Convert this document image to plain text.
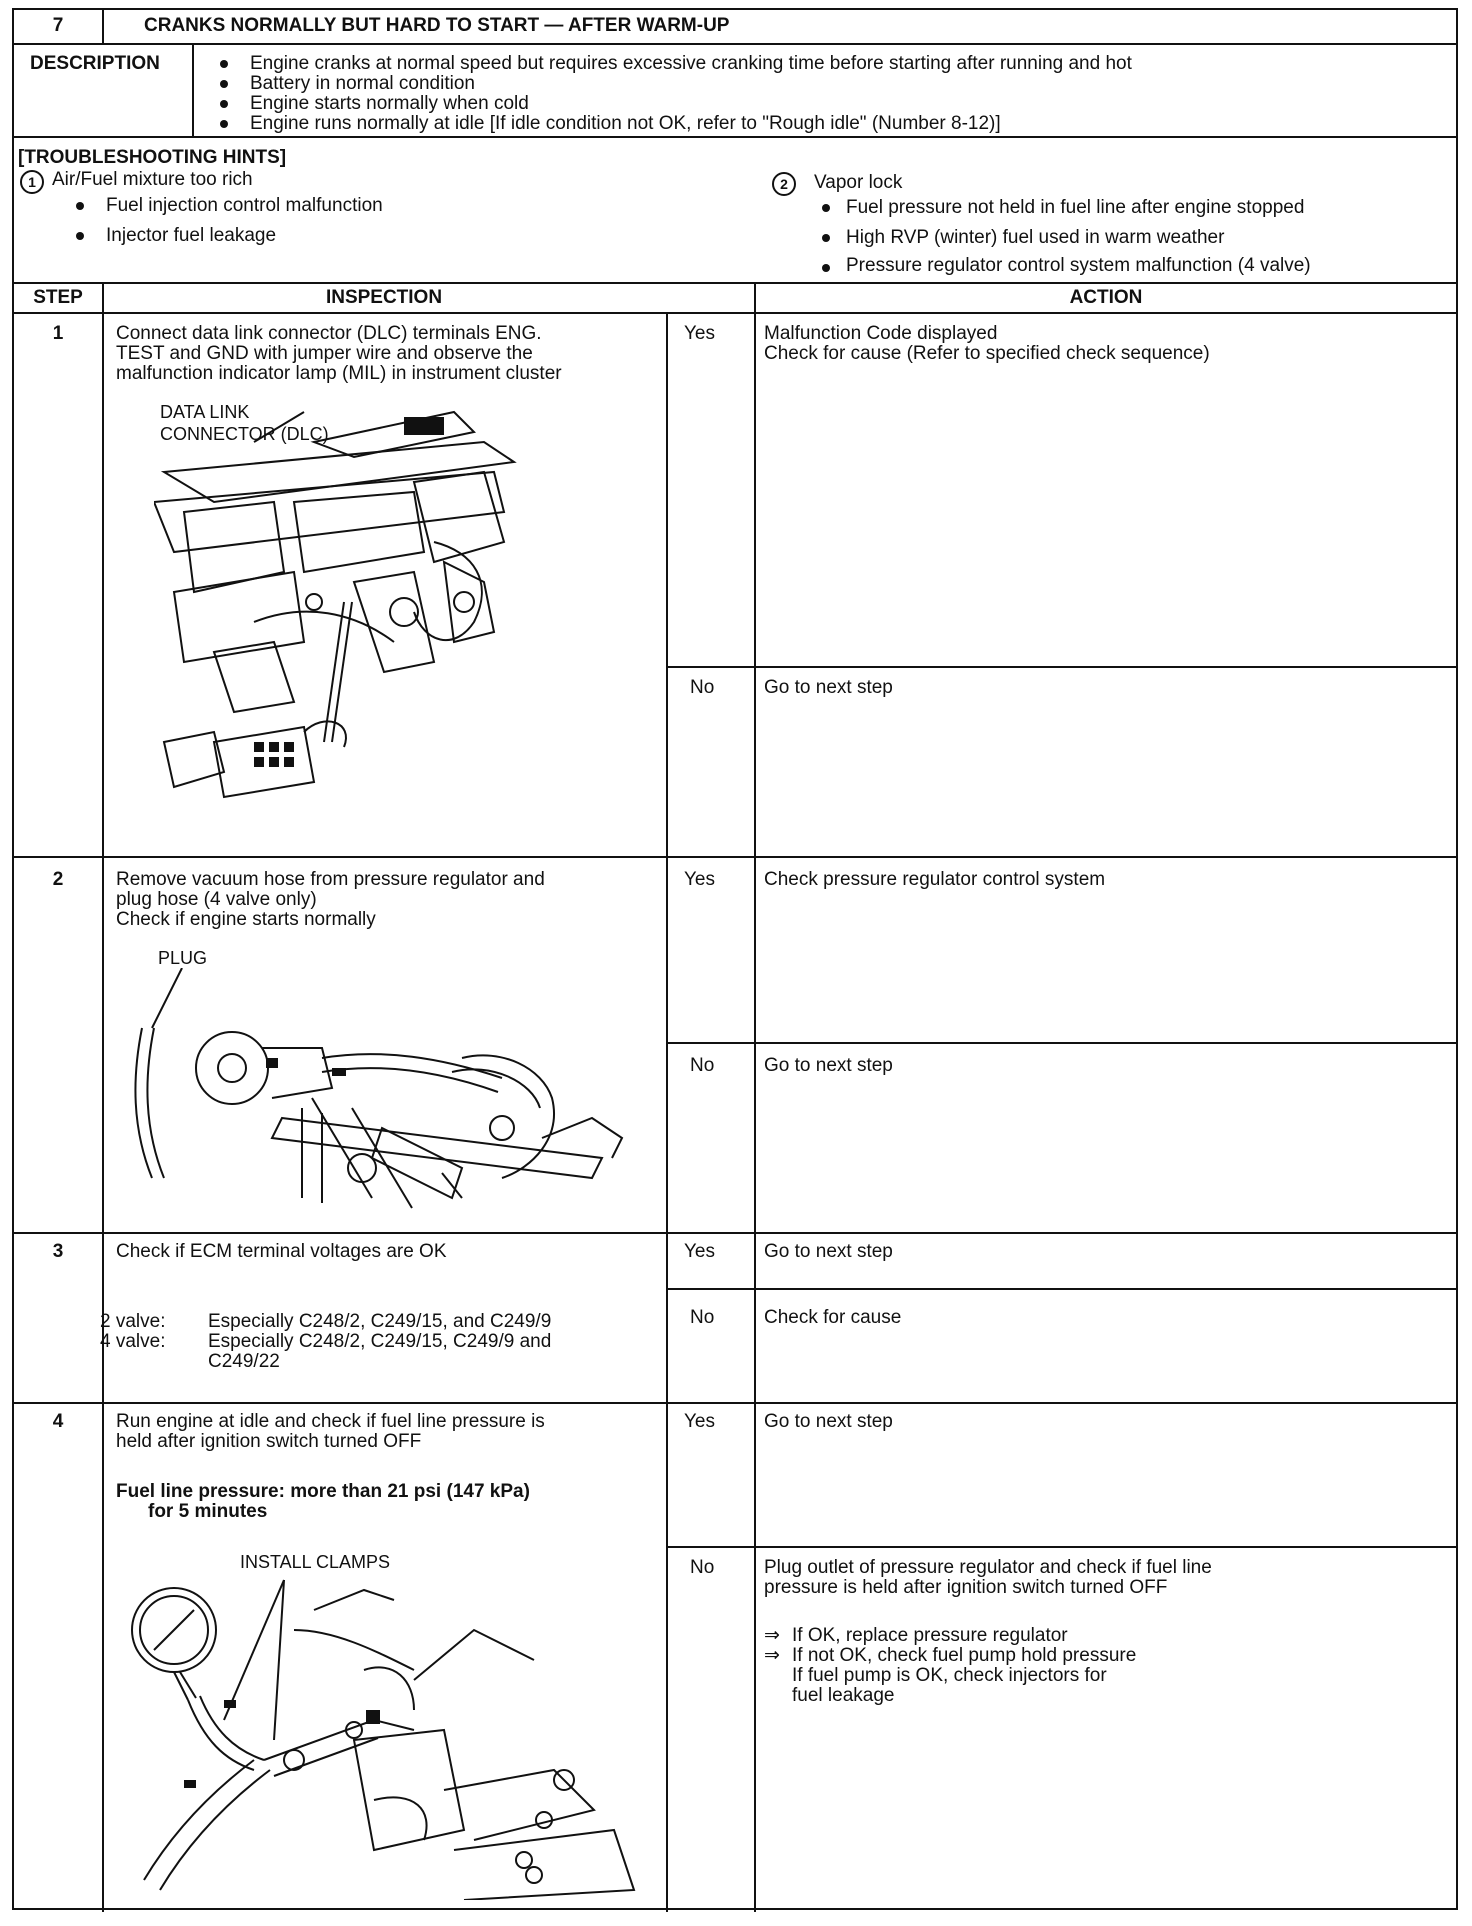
7	CRANKS NORMALLY BUT HARD TO START — AFTER WARM-UP
DESCRIPTION	Engine cranks at normal speed but requires excessive cranking time before starting after running and hot
Battery in normal condition
Engine starts normally when cold
Engine runs normally at idle [If idle condition not OK, refer to "Rough idle" (Number 8-12)]
[TROUBLESHOOTING HINTS]
1 Air/Fuel mixture too rich
Fuel injection control malfunction
Injector fuel leakage
2	Vapor lock
Fuel pressure not held in fuel line after engine stopped
High RVP (winter) fuel used in warm weather
Pressure regulator control system malfunction (4 valve)
STEP	INSPECTION	ACTION
1	Connect data link connector (DLC) terminals ENG.
TEST and GND with jumper wire and observe the
malfunction indicator lamp (MIL) in instrument cluster
DATA LINK
CONNECTOR (DLC)
Yes	Malfunction Code displayed
Check for cause (Refer to specified check sequence)
No	Go to next step
2	Remove vacuum hose from pressure regulator and
plug hose (4 valve only)
Check if engine starts normally
PLUG
Yes	Check pressure regulator control system
No	Go to next step
3	Check if ECM terminal voltages are OK
2 valve: Especially C248/2, C249/15, and C249/9
4 valve: Especially C248/2, C249/15, C249/9 and
C249/22
Yes	Go to next step
No	Check for cause
4	Run engine at idle and check if fuel line pressure is
held after ignition switch turned OFF
Fuel line pressure: more than 21 psi (147 kPa)
for 5 minutes
INSTALL CLAMPS
Yes	Go to next step
No	Plug outlet of pressure regulator and check if fuel line
pressure is held after ignition switch turned OFF
⇒ If OK, replace pressure regulator
⇒ If not OK, check fuel pump hold pressure
If fuel pump is OK, check injectors for
fuel leakage
